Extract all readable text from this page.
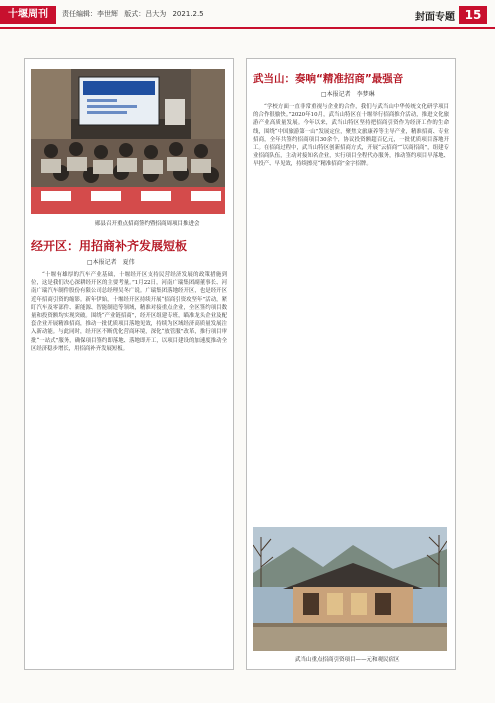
十堰周刊	责任编辑：李世辉 版式：吕大为 2021.2.5	封面专题 15
郧县召开重点招商签约暨招商周项目推进会
经开区：用招商补齐发展短板
□本报记者　夏伟
“十堰有雄厚的汽车产业基础，十堰经开区支持民营经济发展的政策措施到位，这是我们决心深耕经开区的主要考量。”1月22日，河南广瑞集团副董事长、河南广瑞汽车制件股份有限公司总经理吴冬广说。广瑞集团落地经开区，也是经开区近年招商引资的缩影。新年伊始，十堰经开区持续开展“招商引资攻坚年”活动，紧盯汽车及零部件、新能源、智能制造等领域，精准对接重点企业，全区签约项目数量和投资额均实现突破。围绕“产业链招商”，经开区组建专班，瞄准龙头企业及配套企业开展精准招商，推动一批优质项目落地见效，持续为区域经济高质量发展注入新动能。与此同时，经开区不断优化营商环境，深化“放管服”改革，推行项目审批“一站式”服务，确保项目签约即落地、落地即开工，以项目建设的加速度推动全区经济稳步增长，用招商补齐发展短板。
武当山：奏响“精准招商”最强音
□本报记者　李梦琳
“学校方面一直非常重视与企业的合作，我们与武当山中华传统文化研学项目的合作很愉快。”2020年10月，武当山特区在十堰举行招商推介活动，推进文化旅游产业高质量发展。今年以来，武当山特区坚持把招商引资作为经济工作的生命线，围绕“中国旅游第一山”发展定位，聚焦文旅康养等主导产业，精准招商、专业招商，全年共签约招商项目30余个，协议投资额超百亿元，一批优质项目落地开工。在招商过程中，武当山特区创新招商方式，开展“云招商”“以商招商”，组建专业招商队伍，主动对接知名企业，实行项目全程代办服务，推动签约项目早落地、早投产、早见效，持续擦亮“精准招商”金字招牌。
武当山重点招商引资项目——元和观民宿区
